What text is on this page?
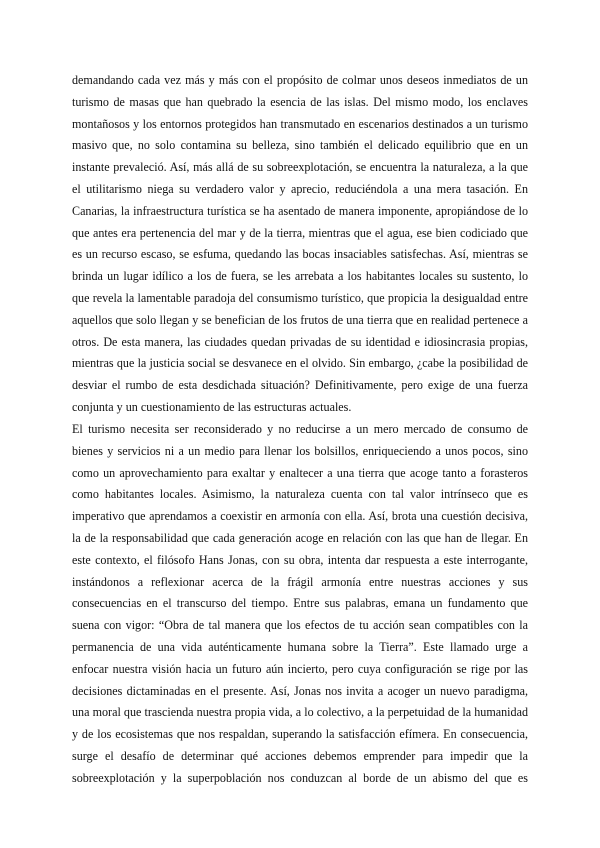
demandando cada vez más y más con el propósito de colmar unos deseos inmediatos de un
turismo de masas que han quebrado la esencia de las islas. Del mismo modo, los enclaves
montañosos y los entornos protegidos han transmutado en escenarios destinados a un turismo
masivo que, no solo contamina su belleza, sino también el delicado equilibrio que en un
instante prevaleció. Así, más allá de su sobreexplotación, se encuentra la naturaleza, a la que
el utilitarismo niega su verdadero valor y aprecio, reduciéndola a una mera tasación. En
Canarias, la infraestructura turística se ha asentado de manera imponente, apropiándose de lo
que antes era pertenencia del mar y de la tierra, mientras que el agua, ese bien codiciado que
es un recurso escaso, se esfuma, quedando las bocas insaciables satisfechas. Así, mientras se
brinda un lugar idílico a los de fuera, se les arrebata a los habitantes locales su sustento, lo
que revela la lamentable paradoja del consumismo turístico, que propicia la desigualdad entre
aquellos que solo llegan y se benefician de los frutos de una tierra que en realidad pertenece a
otros. De esta manera, las ciudades quedan privadas de su identidad e idiosincrasia propias,
mientras que la justicia social se desvanece en el olvido. Sin embargo, ¿cabe la posibilidad de
desviar el rumbo de esta desdichada situación? Definitivamente, pero exige de una fuerza
conjunta y un cuestionamiento de las estructuras actuales.
El turismo necesita ser reconsiderado y no reducirse a un mero mercado de consumo de
bienes y servicios ni a un medio para llenar los bolsillos, enriqueciendo a unos pocos, sino
como un aprovechamiento para exaltar y enaltecer a una tierra que acoge tanto a forasteros
como habitantes locales. Asimismo, la naturaleza cuenta con tal valor intrínseco que es
imperativo que aprendamos a coexistir en armonía con ella. Así, brota una cuestión decisiva,
la de la responsabilidad que cada generación acoge en relación con las que han de llegar. En
este contexto, el filósofo Hans Jonas, con su obra, intenta dar respuesta a este interrogante,
instándonos a reflexionar acerca de la frágil armonía entre nuestras acciones y sus
consecuencias en el transcurso del tiempo. Entre sus palabras, emana un fundamento que
suena con vigor: “Obra de tal manera que los efectos de tu acción sean compatibles con la
permanencia de una vida auténticamente humana sobre la Tierra”. Este llamado urge a
enfocar nuestra visión hacia un futuro aún incierto, pero cuya configuración se rige por las
decisiones dictaminadas en el presente. Así, Jonas nos invita a acoger un nuevo paradigma,
una moral que trascienda nuestra propia vida, a lo colectivo, a la perpetuidad de la humanidad
y de los ecosistemas que nos respaldan, superando la satisfacción efímera. En consecuencia,
surge el desafío de determinar qué acciones debemos emprender para impedir que la
sobreexplotación y la superpoblación nos conduzcan al borde de un abismo del que es
